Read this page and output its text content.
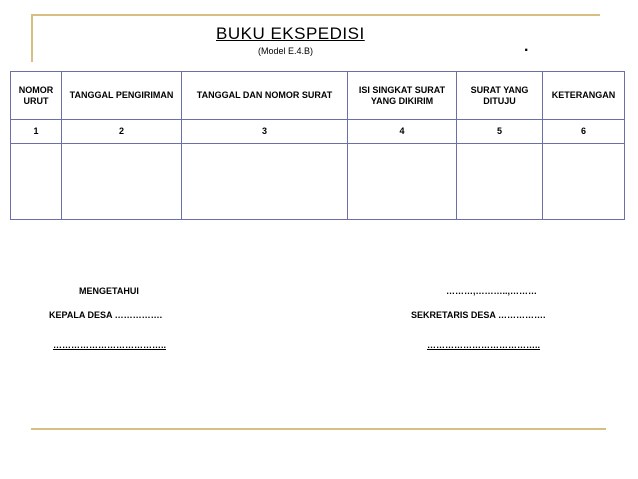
BUKU EKSPEDISI
(Model E.4.B)	.
NOMOR URUT	TANGGAL PENGIRIMAN	TANGGAL DAN NOMOR SURAT	ISI SINGKAT SURAT YANG DIKIRIM	SURAT YANG DITUJU	KETERANGAN
1	2	3	4	5	6

MENGETAHUI
KEPALA DESA …………….
………………………………..
………,………..,………
SEKRETARIS DESA …………….
………………………………..
